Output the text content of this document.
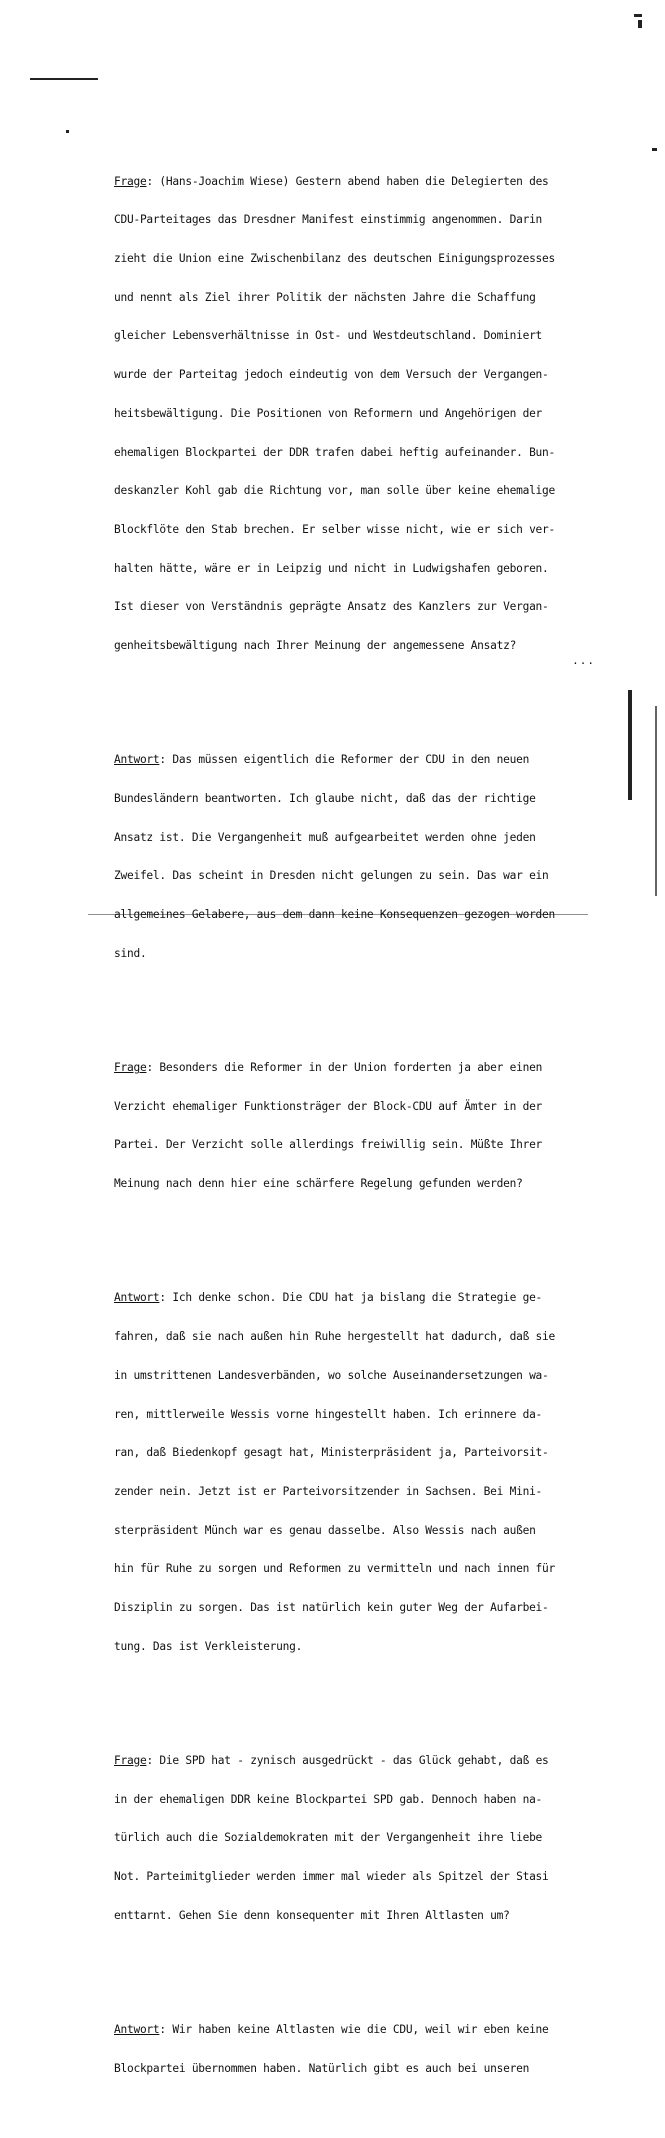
Frage: (Hans-Joachim Wiese) Gestern abend haben die Delegierten des

CDU-Parteitages das Dresdner Manifest einstimmig angenommen. Darin

zieht die Union eine Zwischenbilanz des deutschen Einigungsprozesses

und nennt als Ziel ihrer Politik der nächsten Jahre die Schaffung

gleicher Lebensverhältnisse in Ost- und Westdeutschland. Dominiert

wurde der Parteitag jedoch eindeutig von dem Versuch der Vergangen-

heitsbewältigung. Die Positionen von Reformern und Angehörigen der

ehemaligen Blockpartei der DDR trafen dabei heftig aufeinander. Bun-

deskanzler Kohl gab die Richtung vor, man solle über keine ehemalige

Blockflöte den Stab brechen. Er selber wisse nicht, wie er sich ver-

halten hätte, wäre er in Leipzig und nicht in Ludwigshafen geboren.

Ist dieser von Verständnis geprägte Ansatz des Kanzlers zur Vergan-

genheitsbewältigung nach Ihrer Meinung der angemessene Ansatz?

Antwort: Das müssen eigentlich die Reformer der CDU in den neuen

Bundesländern beantworten. Ich glaube nicht, daß das der richtige

Ansatz ist. Die Vergangenheit muß aufgearbeitet werden ohne jeden

Zweifel. Das scheint in Dresden nicht gelungen zu sein. Das war ein

allgemeines Gelabere, aus dem dann keine Konsequenzen gezogen worden

sind.

Frage: Besonders die Reformer in der Union forderten ja aber einen

Verzicht ehemaliger Funktionsträger der Block-CDU auf Ämter in der

Partei. Der Verzicht solle allerdings freiwillig sein. Müßte Ihrer

Meinung nach denn hier eine schärfere Regelung gefunden werden?

Antwort: Ich denke schon. Die CDU hat ja bislang die Strategie ge-

fahren, daß sie nach außen hin Ruhe hergestellt hat dadurch, daß sie

in umstrittenen Landesverbänden, wo solche Auseinandersetzungen wa-

ren, mittlerweile Wessis vorne hingestellt haben. Ich erinnere da-

ran, daß Biedenkopf gesagt hat, Ministerpräsident ja, Parteivorsit-

zender nein. Jetzt ist er Parteivorsitzender in Sachsen. Bei Mini-

sterpräsident Münch war es genau dasselbe. Also Wessis nach außen

hin für Ruhe zu sorgen und Reformen zu vermitteln und nach innen für

Disziplin zu sorgen. Das ist natürlich kein guter Weg der Aufarbei-

tung. Das ist Verkleisterung.

Frage: Die SPD hat - zynisch ausgedrückt - das Glück gehabt, daß es

in der ehemaligen DDR keine Blockpartei SPD gab. Dennoch haben na-

türlich auch die Sozialdemokraten mit der Vergangenheit ihre liebe

Not. Parteimitglieder werden immer mal wieder als Spitzel der Stasi

enttarnt. Gehen Sie denn konsequenter mit Ihren Altlasten um?

Antwort: Wir haben keine Altlasten wie die CDU, weil wir eben keine

Blockpartei übernommen haben. Natürlich gibt es auch bei unseren

...
